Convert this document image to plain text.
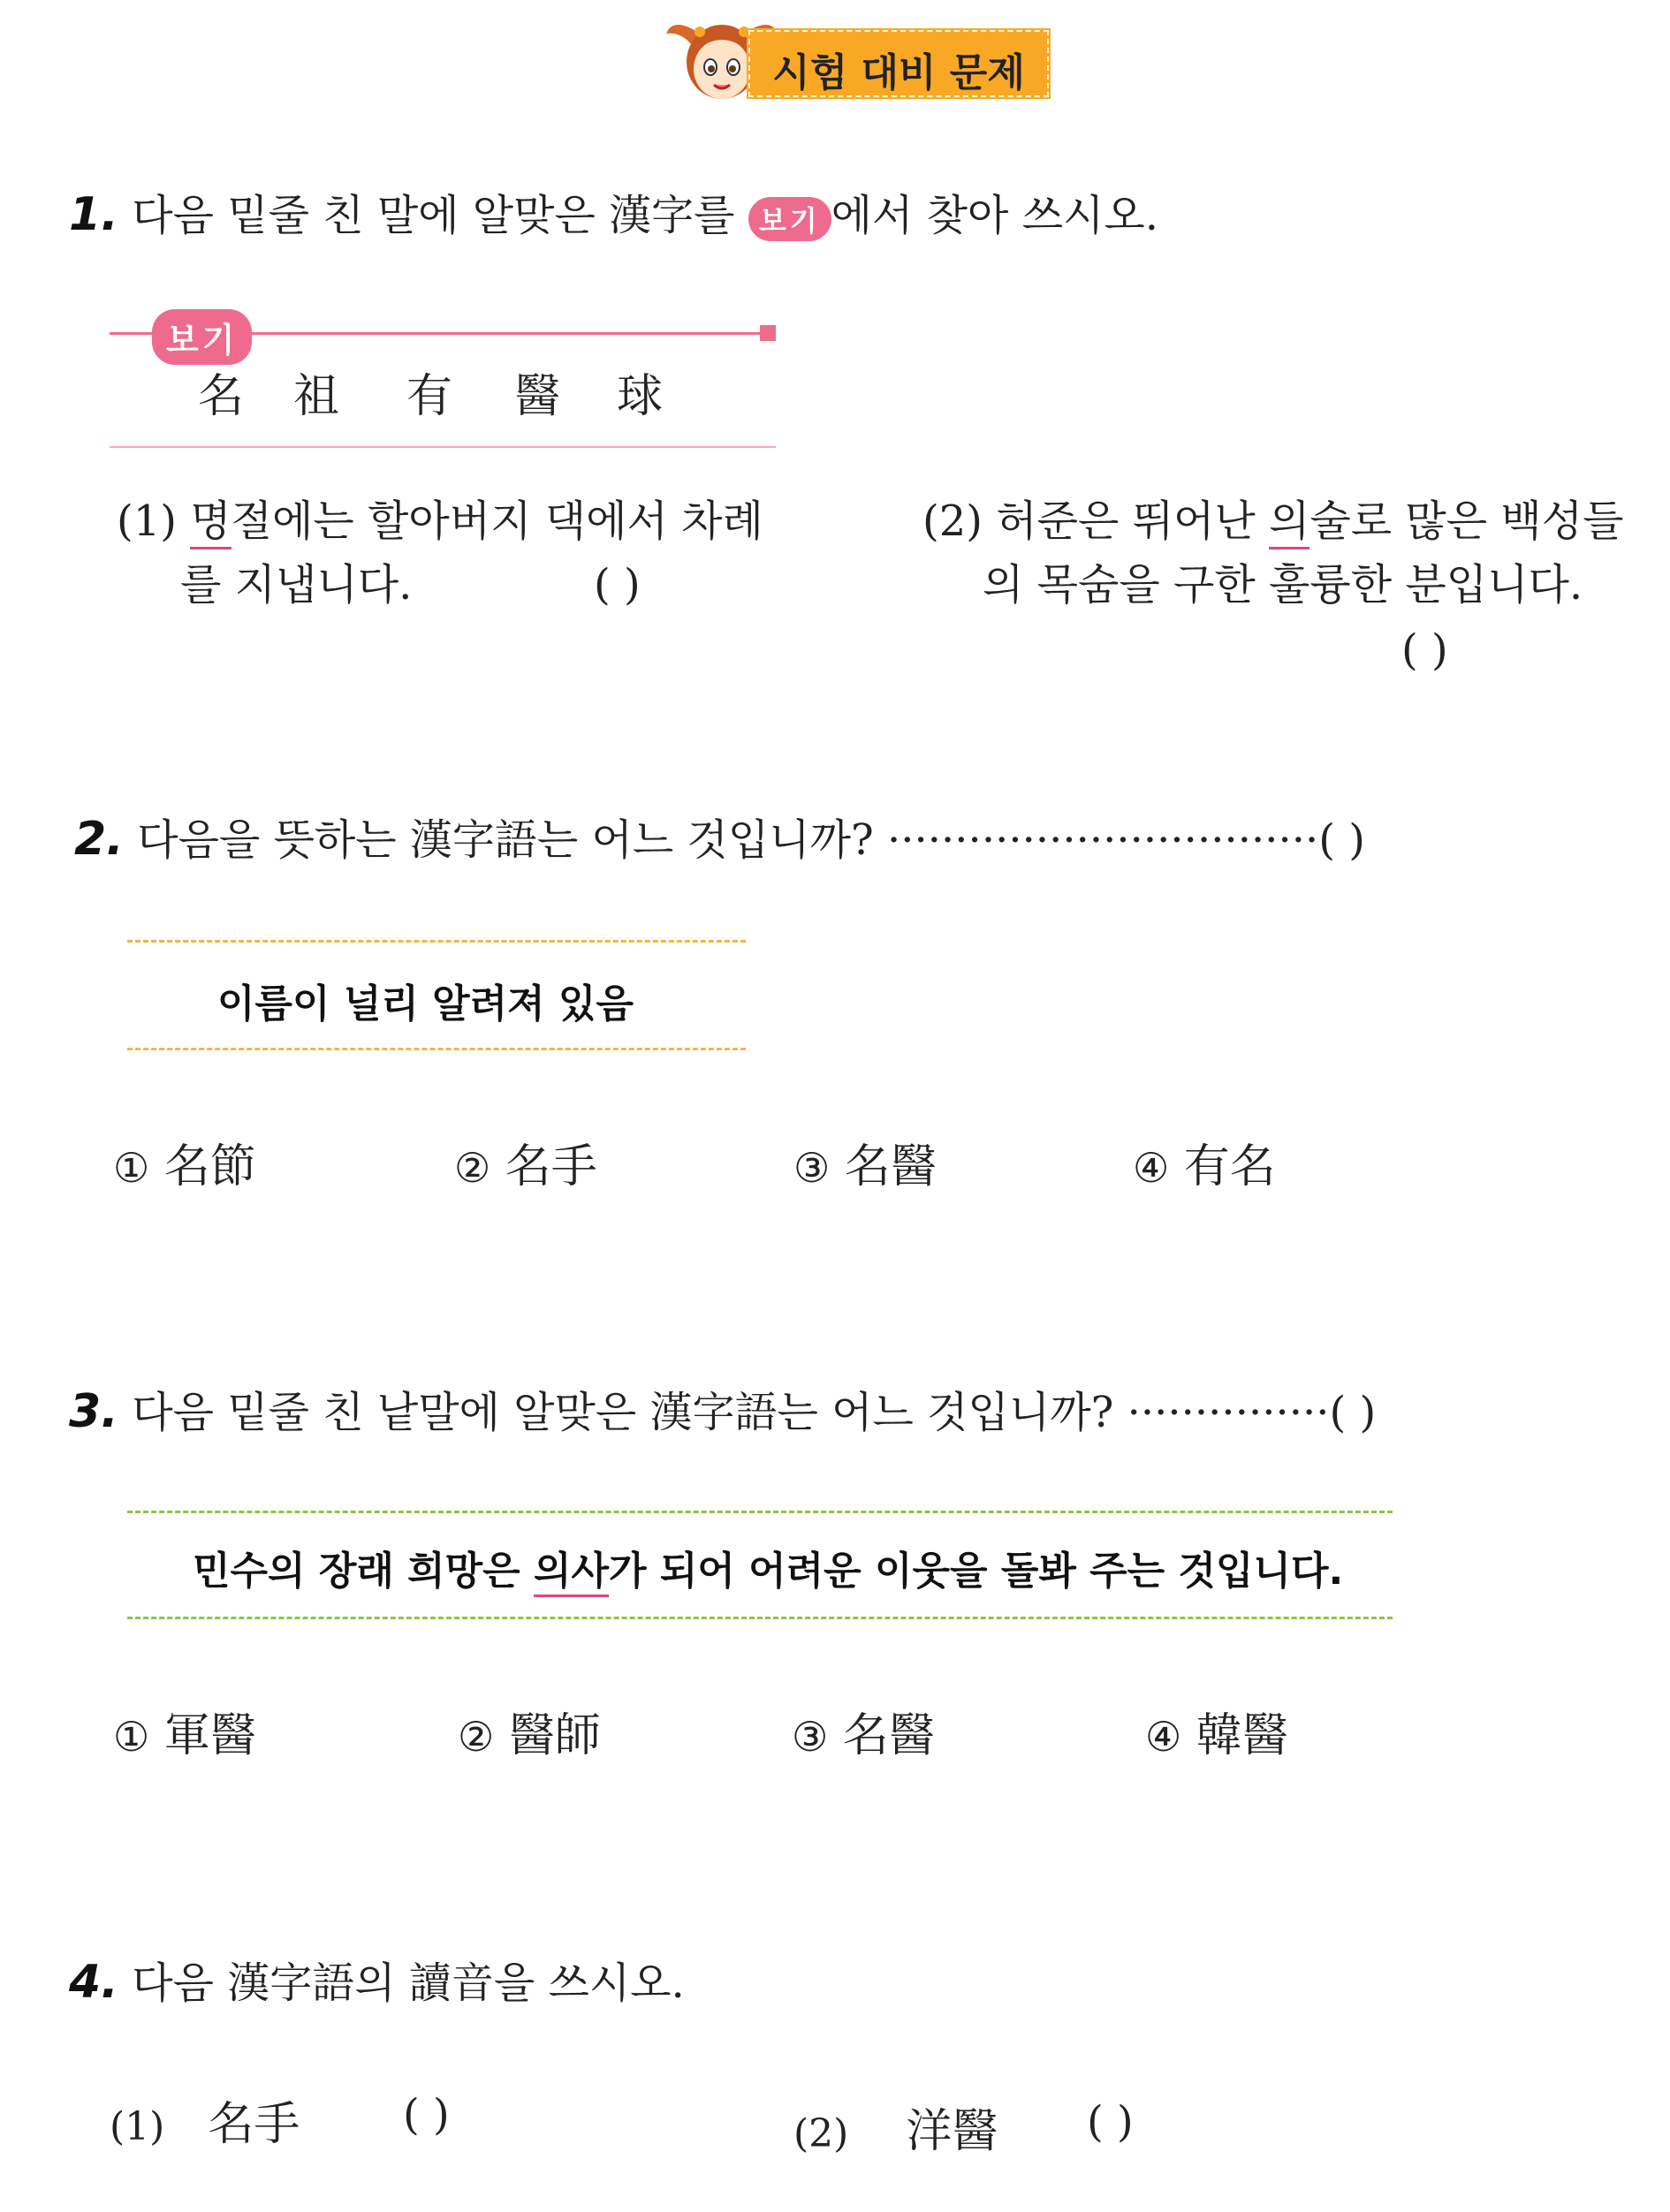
시험 대비 문제
1. 다음 밑줄 친 말에 알맞은 漢字를 보기 에서 찾아 쓰시오.
보기
名 祖 有 醫 球
(1) 명절에는 할아버지 댁에서 차례
를 지냅니다.	( )
(2) 허준은 뛰어난 의술로 많은 백성들
의 목숨을 구한 훌륭한 분입니다.
( )
2. 다음을 뜻하는 漢字語는 어느 것입니까? ································( )
이름이 널리 알려져 있음
① 名節	② 名手	③ 名醫	④ 有名
3. 다음 밑줄 친 낱말에 알맞은 漢字語는 어느 것입니까? ···············( )
민수의 장래 희망은 의사가 되어 어려운 이웃을 돌봐 주는 것입니다.
① 軍醫	② 醫師	③ 名醫	④ 韓醫
4. 다음 漢字語의 讀音을 쓰시오.
(1) 名手 ( )	(2) 洋醫 ( )
